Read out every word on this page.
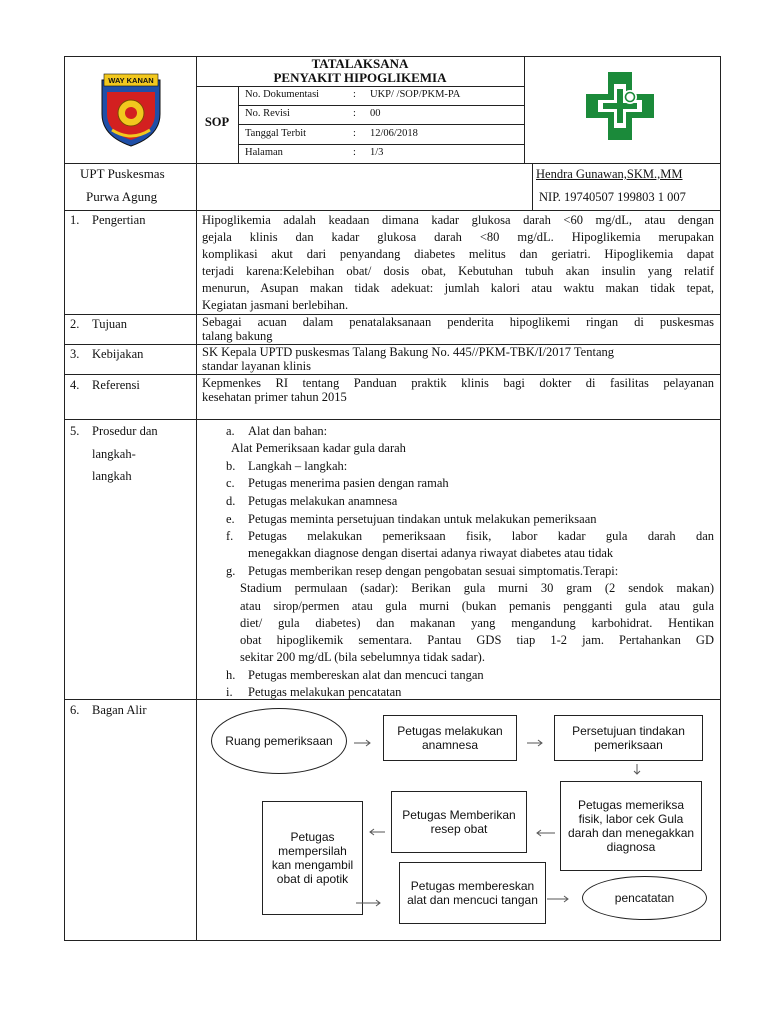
WAY KANAN
TATALAKSANA
PENYAKIT HIPOGLIKEMIA
SOP
No. Dokumentasi	: UKP/ /SOP/PKM-PA
No. Revisi	: 00
Tanggal Terbit	: 12/06/2018
Halaman	: 1/3
UPT Puskesmas
Purwa Agung
Hendra Gunawan,SKM.,MM
NIP. 19740507 199803 1 007
1. Pengertian	Hipoglikemia adalah keadaan dimana kadar glukosa darah <60 mg/dL, atau dengan
gejala klinis dan kadar glukosa darah <80 mg/dL. Hipoglikemia merupakan
komplikasi akut dari penyandang diabetes melitus dan geriatri. Hipoglikemia dapat
terjadi karena:Kelebihan obat/ dosis obat, Kebutuhan tubuh akan insulin yang relatif
menurun, Asupan makan tidak adekuat: jumlah kalori atau waktu makan tidak tepat,
Kegiatan jasmani berlebihan.
2. Tujuan	Sebagai acuan dalam penatalaksanaan penderita hipoglikemi ringan di puskesmas
talang bakung
3. Kebijakan	SK Kepala UPTD puskesmas Talang Bakung No. 445//PKM-TBK/I/2017 Tentang
standar layanan klinis
4. Referensi	Kepmenkes RI tentang Panduan praktik klinis bagi dokter di fasilitas pelayanan
kesehatan primer tahun 2015
5. Prosedur dan
langkah-
langkah
a. Alat dan bahan:
Alat Pemeriksaan kadar gula darah
b. Langkah – langkah:
c. Petugas menerima pasien dengan ramah
d. Petugas melakukan anamnesa
e. Petugas meminta persetujuan tindakan untuk melakukan pemeriksaan
f. Petugas melakukan pemeriksaan fisik, labor kadar gula darah dan
menegakkan diagnose dengan disertai adanya riwayat diabetes atau tidak
g. Petugas memberikan resep dengan pengobatan sesuai simptomatis.Terapi:
Stadium permulaan (sadar): Berikan gula murni 30 gram (2 sendok makan)
atau sirop/permen atau gula murni (bukan pemanis pengganti gula atau gula
diet/ gula diabetes) dan makanan yang mengandung karbohidrat. Hentikan
obat hipoglikemik sementara. Pantau GDS tiap 1-2 jam. Pertahankan GD
sekitar 200 mg/dL (bila sebelumnya tidak sadar).
h. Petugas membereskan alat dan mencuci tangan
i. Petugas melakukan pencatatan
6. Bagan Alir
Ruang pemeriksaan
Petugas melakukan anamnesa
Persetujuan tindakan pemeriksaan
Petugas memeriksa fisik, labor cek Gula darah dan menegakkan diagnosa
Petugas Memberikan resep obat
Petugas mempersilah kan mengambil obat di apotik	Petugas membereskan alat dan mencuci tangan	pencatatan
